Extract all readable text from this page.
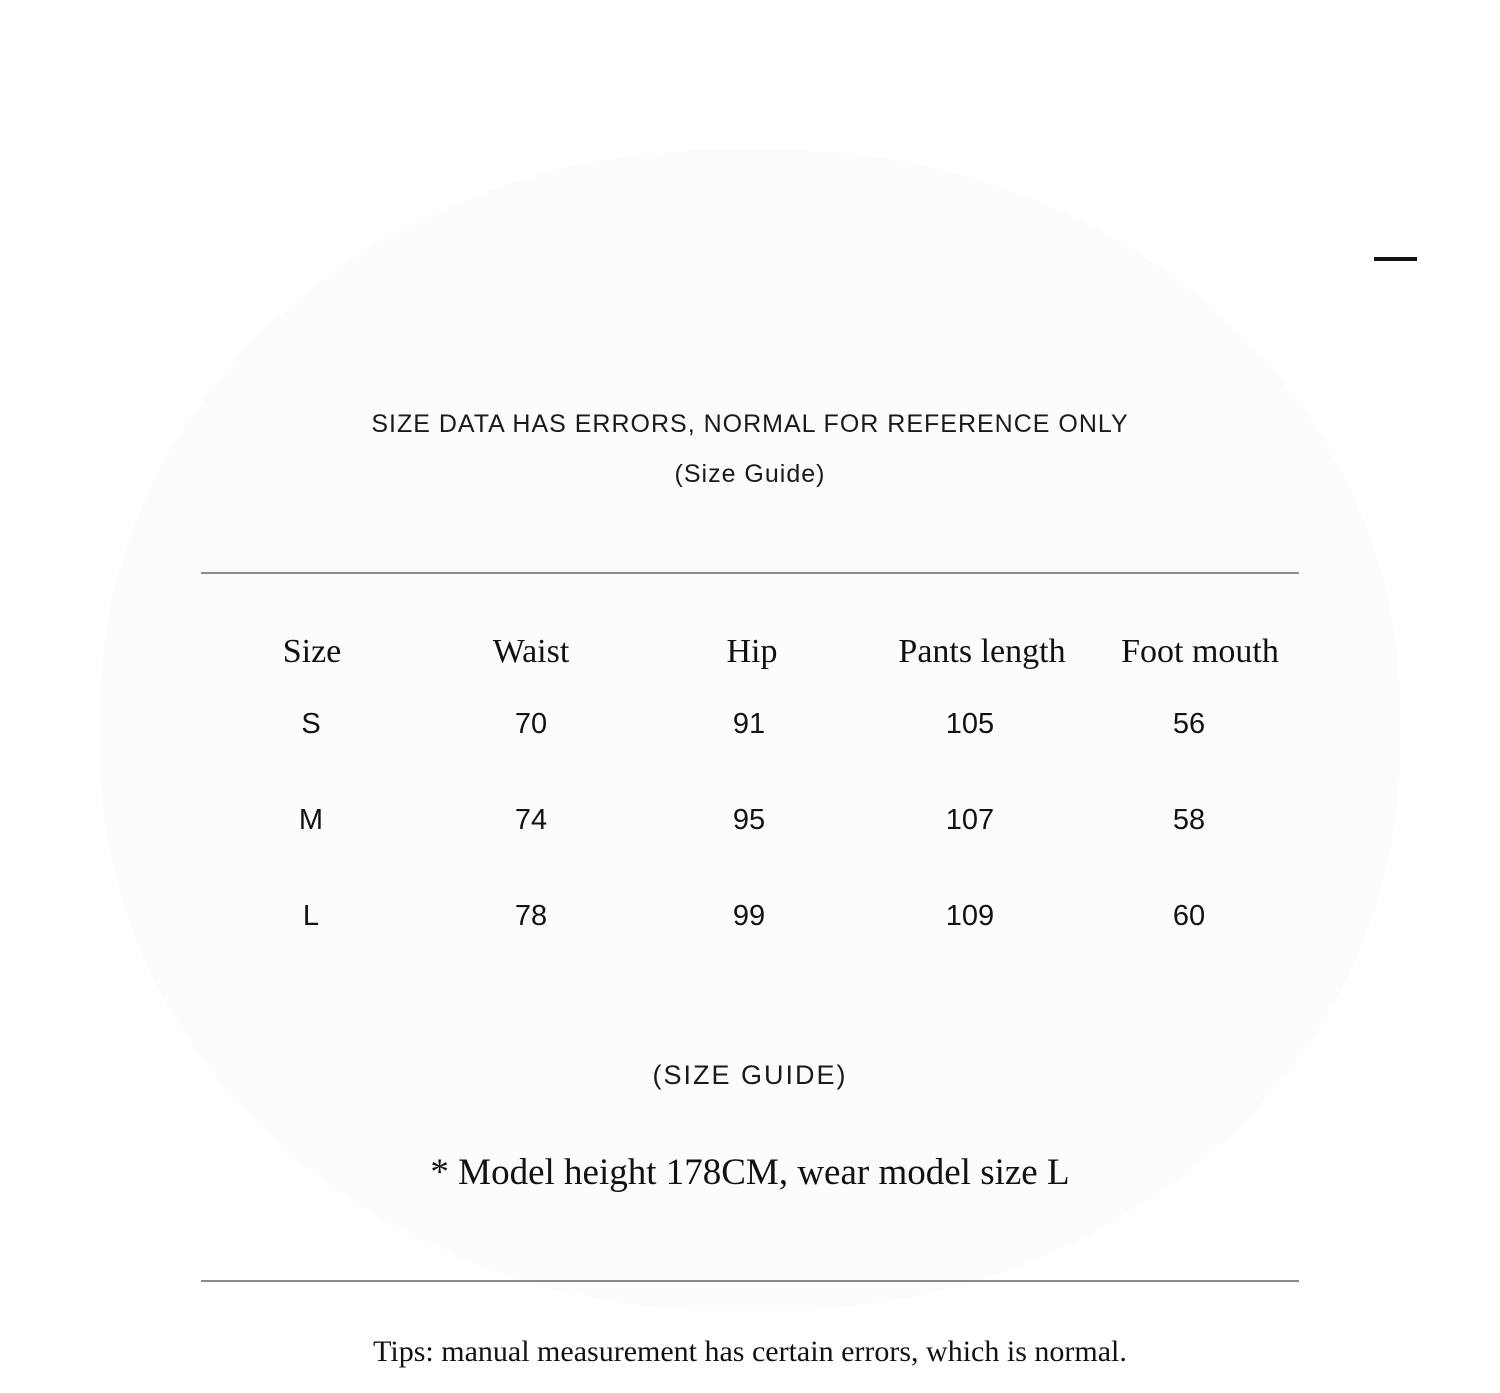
SIZE DATA HAS ERRORS, NORMAL FOR REFERENCE ONLY
(Size Guide)
Size	Waist	Hip	Pants length	Foot mouth
S	70	91	105	56
M	74	95	107	58
L	78	99	109	60
(SIZE GUIDE)
* Model height 178CM, wear model size L
Tips: manual measurement has certain errors, which is normal.
